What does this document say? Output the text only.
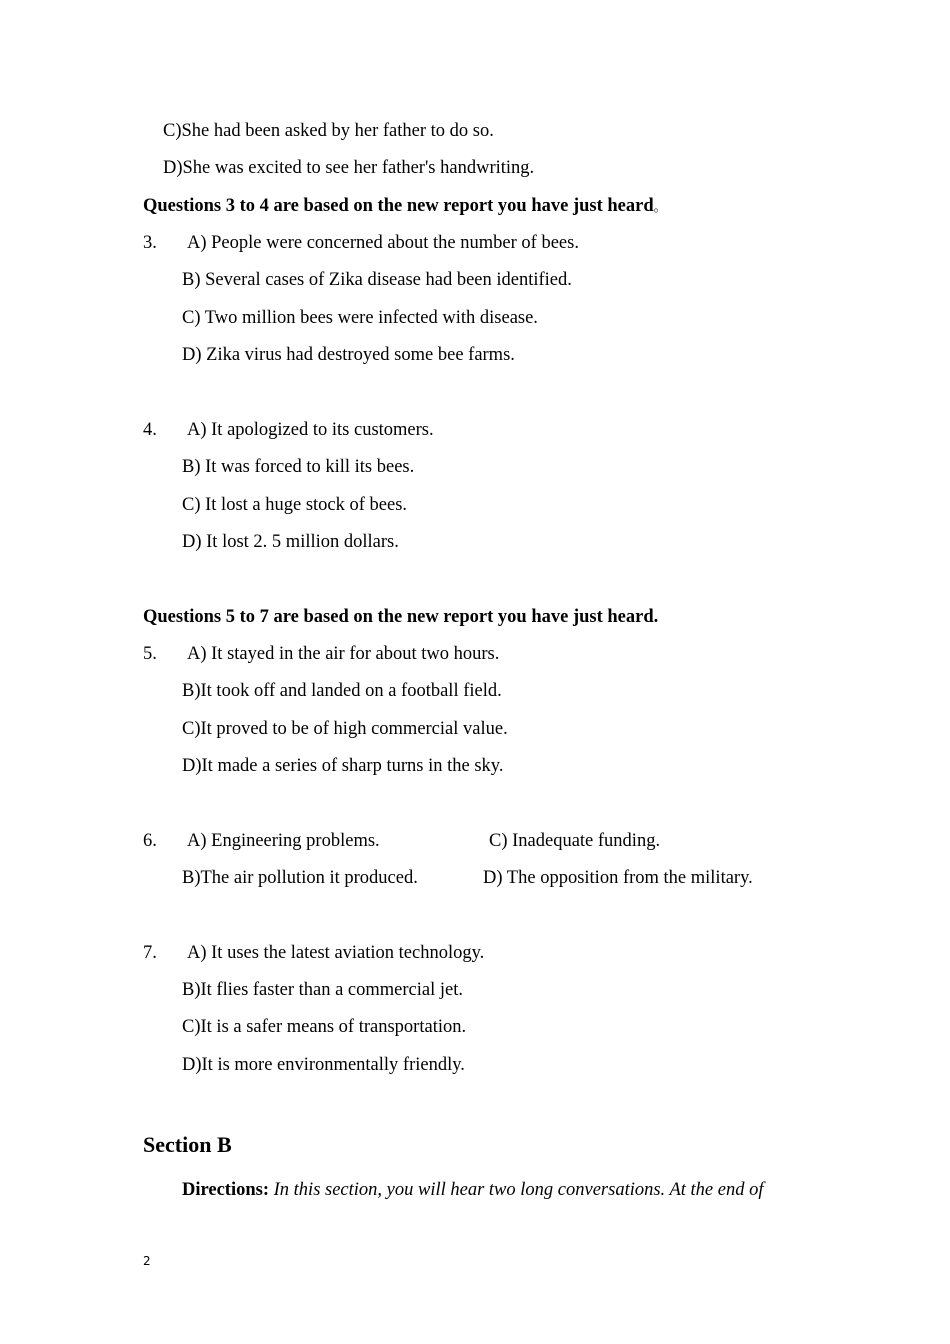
C)She had been asked by her father to do so.
D)She was excited to see her father's handwriting.
Questions 3 to 4 are based on the new report you have just heard。
3. A) People were concerned about the number of bees.
B) Several cases of Zika disease had been identified.
C) Two million bees were infected with disease.
D) Zika virus had destroyed some bee farms.
4. A) It apologized to its customers.
B) It was forced to kill its bees.
C) It lost a huge stock of bees.
D) It lost 2. 5 million dollars.
Questions 5 to 7 are based on the new report you have just heard.
5. A) It stayed in the air for about two hours.
B)It took off and landed on a football field.
C)It proved to be of high commercial value.
D)It made a series of sharp turns in the sky.
6. A) Engineering problems.	C) Inadequate funding.
B)The air pollution it produced.	D) The opposition from the military.
7. A) It uses the latest aviation technology.
B)It flies faster than a commercial jet.
C)It is a safer means of transportation.
D)It is more environmentally friendly.
Section B
Directions: In this section, you will hear two long conversations. At the end of
2
